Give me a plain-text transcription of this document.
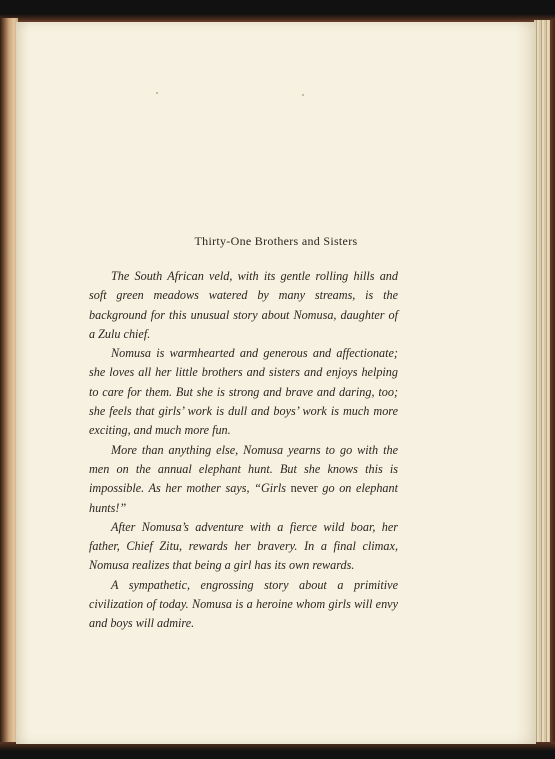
Thirty-One Brothers and Sisters

The South African veld, with its gentle rolling hills and soft green meadows watered by many streams, is the background for this unusual story about Nomusa, daughter of a Zulu chief.

Nomusa is warmhearted and generous and affectionate; she loves all her little brothers and sisters and enjoys helping to care for them. But she is strong and brave and daring, too; she feels that girls’ work is dull and boys’ work is much more exciting, and much more fun.

More than anything else, Nomusa yearns to go with the men on the annual elephant hunt. But she knows this is impossible. As her mother says, “Girls never go on elephant hunts!”

After Nomusa’s adventure with a fierce wild boar, her father, Chief Zitu, rewards her bravery. In a final climax, Nomusa realizes that being a girl has its own rewards.

A sympathetic, engrossing story about a primitive civilization of today. Nomusa is a heroine whom girls will envy and boys will admire.
